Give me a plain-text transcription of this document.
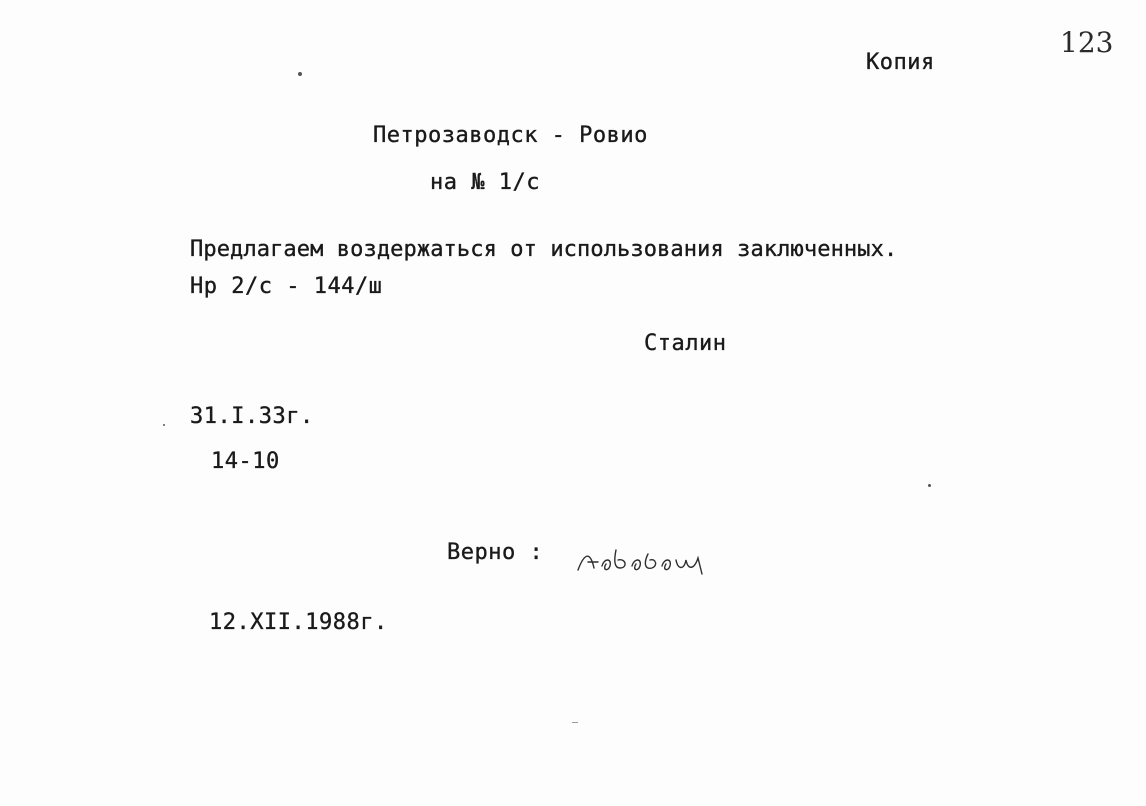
123
Копия
Петрозаводск - Ровио
на № 1/с
Предлагаем воздержаться от использования заключенных.
Нр 2/с - 144/ш
Сталин
31.I.33г.
14-10
Верно :
12.XII.1988г.
